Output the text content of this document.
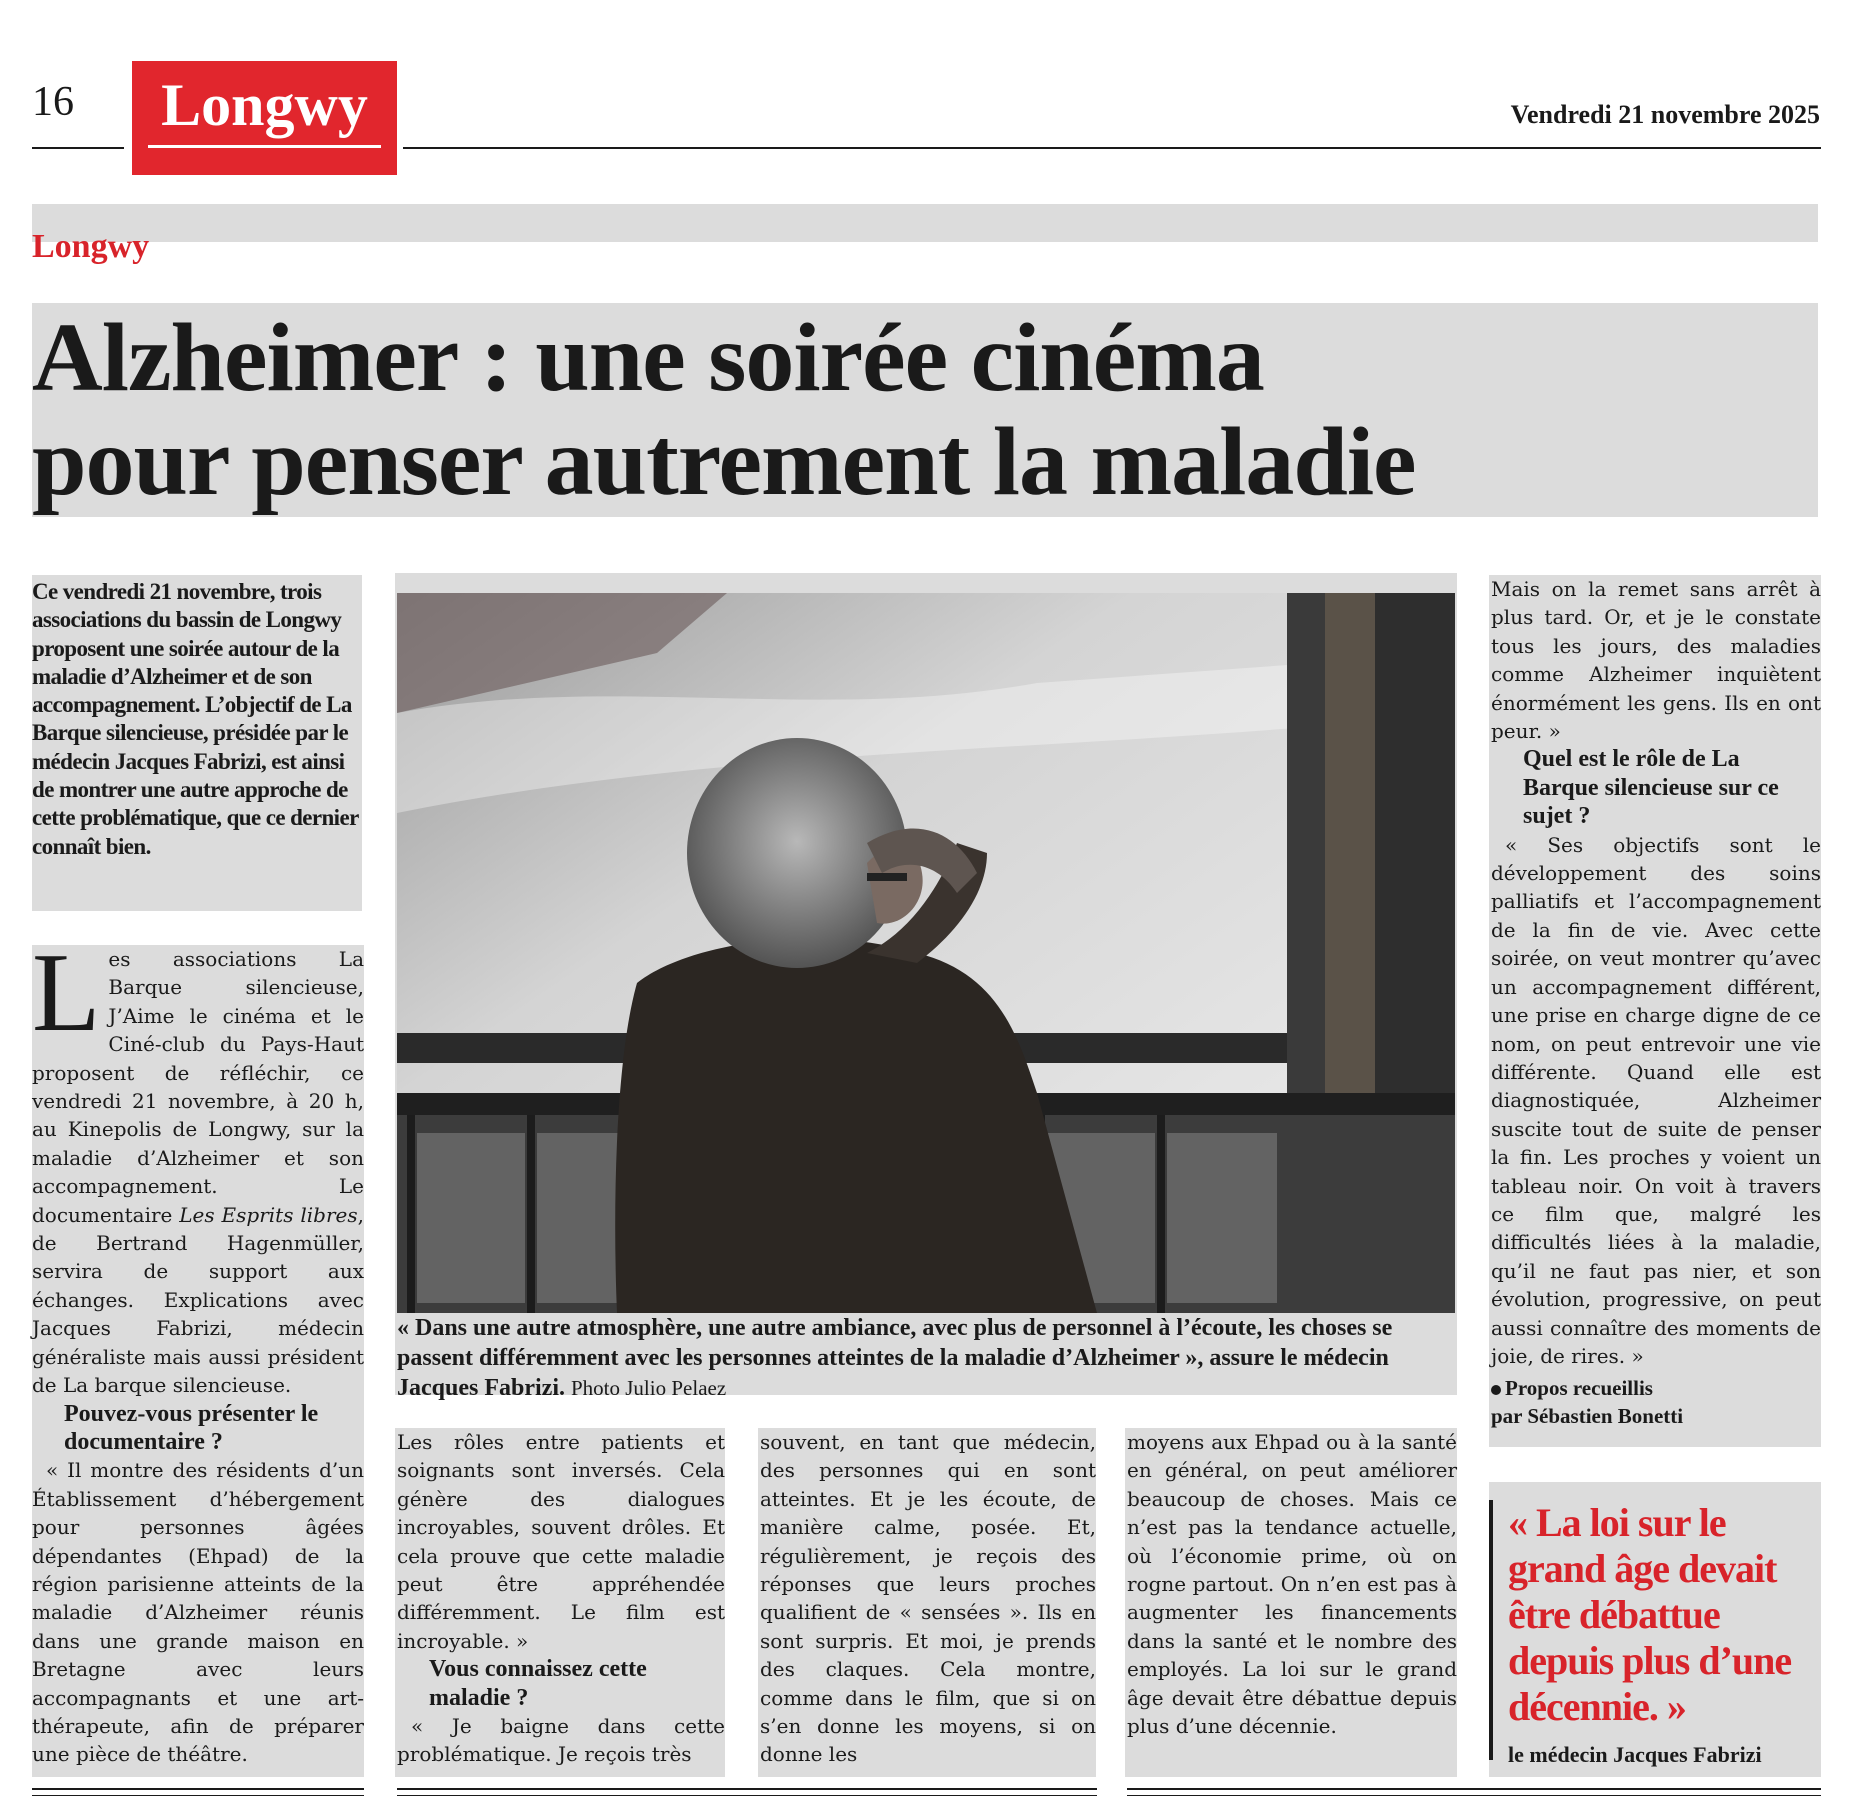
16	Longwy	Vendredi 21 novembre 2025
Longwy
Alzheimer : une soirée cinéma
pour penser autrement la maladie

Ce vendredi 21 novembre, trois associations du bassin de Longwy proposent une soirée autour de la maladie d’Alzheimer et de son accompagnement. L’objectif de La Barque silencieuse, présidée par le médecin Jacques Fabrizi, est ainsi de montrer une autre approche de cette problématique, que ce dernier connaît bien.

Les associations La Barque silencieuse, J’Aime le cinéma et le Ciné-club du Pays-Haut proposent de réfléchir, ce vendredi 21 novembre, à 20 h, au Kinepolis de Longwy, sur la maladie d’Alzheimer et son accompagnement. Le documentaire Les Esprits libres, de Bertrand Hagenmüller, servira de support aux échanges. Explications avec Jacques Fabrizi, médecin généraliste mais aussi président de La barque silencieuse.

Pouvez-vous présenter le documentaire ?

« Il montre des résidents d’un Établissement d’hébergement pour personnes âgées dépendantes (Ehpad) de la région parisienne atteints de la maladie d’Alzheimer réunis dans une grande maison en Bretagne avec leurs accompagnants et une art-thérapeute, afin de préparer une pièce de théâtre.

« Dans une autre atmosphère, une autre ambiance, avec plus de personnel à l’écoute, les choses se passent différemment avec les personnes atteintes de la maladie d’Alzheimer », assure le médecin Jacques Fabrizi. Photo Julio Pelaez

Les rôles entre patients et soignants sont inversés. Cela génère des dialogues incroyables, souvent drôles. Et cela prouve que cette maladie peut être appréhendée différemment. Le film est incroyable. »

Vous connaissez cette maladie ?

« Je baigne dans cette problématique. Je reçois très

souvent, en tant que médecin, des personnes qui en sont atteintes. Et je les écoute, de manière calme, posée. Et, régulièrement, je reçois des réponses que leurs proches qualifient de « sensées ». Ils en sont surpris. Et moi, je prends des claques. Cela montre, comme dans le film, que si on s’en donne les moyens, si on donne les

moyens aux Ehpad ou à la santé en général, on peut améliorer beaucoup de choses. Mais ce n’est pas la tendance actuelle, où l’économie prime, où on rogne partout. On n’en est pas à augmenter les financements dans la santé et le nombre des employés. La loi sur le grand âge devait être débattue depuis plus d’une décennie.

Mais on la remet sans arrêt à plus tard. Or, et je le constate tous les jours, des maladies comme Alzheimer inquiètent énormément les gens. Ils en ont peur. »

Quel est le rôle de La Barque silencieuse sur ce sujet ?

« Ses objectifs sont le développement des soins palliatifs et l’accompagnement de la fin de vie. Avec cette soirée, on veut montrer qu’avec un accompagnement différent, une prise en charge digne de ce nom, on peut entrevoir une vie différente. Quand elle est diagnostiquée, Alzheimer suscite tout de suite de penser la fin. Les proches y voient un tableau noir. On voit à travers ce film que, malgré les difficultés liées à la maladie, qu’il ne faut pas nier, et son évolution, progressive, on peut aussi connaître des moments de joie, de rires. »

Propos recueillis
par Sébastien Bonetti

« La loi sur le grand âge devait être débattue depuis plus d’une décennie. »

le médecin Jacques Fabrizi
